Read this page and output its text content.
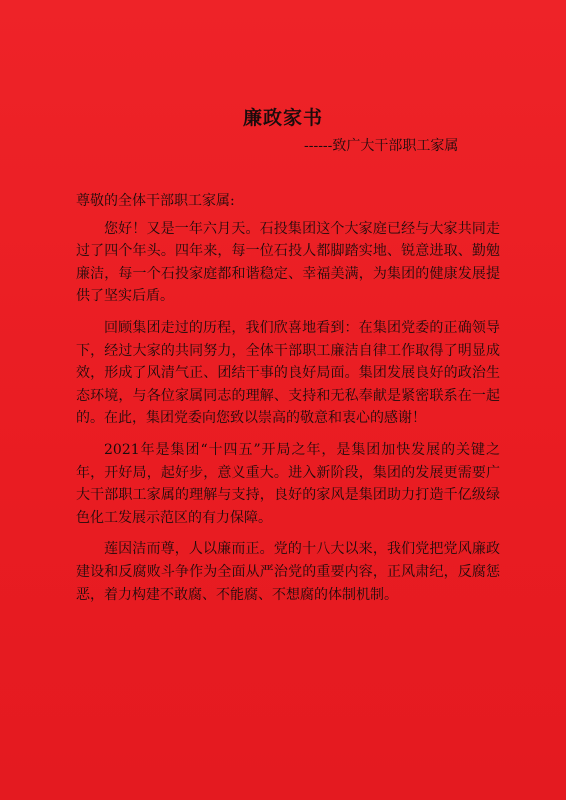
廉政家书
------致广大干部职工家属

尊敬的全体干部职工家属:

您好！又是一年六月天。石投集团这个大家庭已经与大家共同走过了四个年头。四年来，每一位石投人都脚踏实地、锐意进取、勤勉廉洁，每一个石投家庭都和谐稳定、幸福美满，为集团的健康发展提供了坚实后盾。

回顾集团走过的历程，我们欣喜地看到：在集团党委的正确领导下，经过大家的共同努力，全体干部职工廉洁自律工作取得了明显成效，形成了风清气正、团结干事的良好局面。集团发展良好的政治生态环境，与各位家属同志的理解、支持和无私奉献是紧密联系在一起的。在此，集团党委向您致以崇高的敬意和衷心的感谢！

2021年是集团“十四五”开局之年，是集团加快发展的关键之年，开好局，起好步，意义重大。进入新阶段，集团的发展更需要广大干部职工家属的理解与支持，良好的家风是集团助力打造千亿级绿色化工发展示范区的有力保障。

莲因洁而尊，人以廉而正。党的十八大以来，我们党把党风廉政建设和反腐败斗争作为全面从严治党的重要内容，正风肃纪，反腐惩恶，着力构建不敢腐、不能腐、不想腐的体制机制。
